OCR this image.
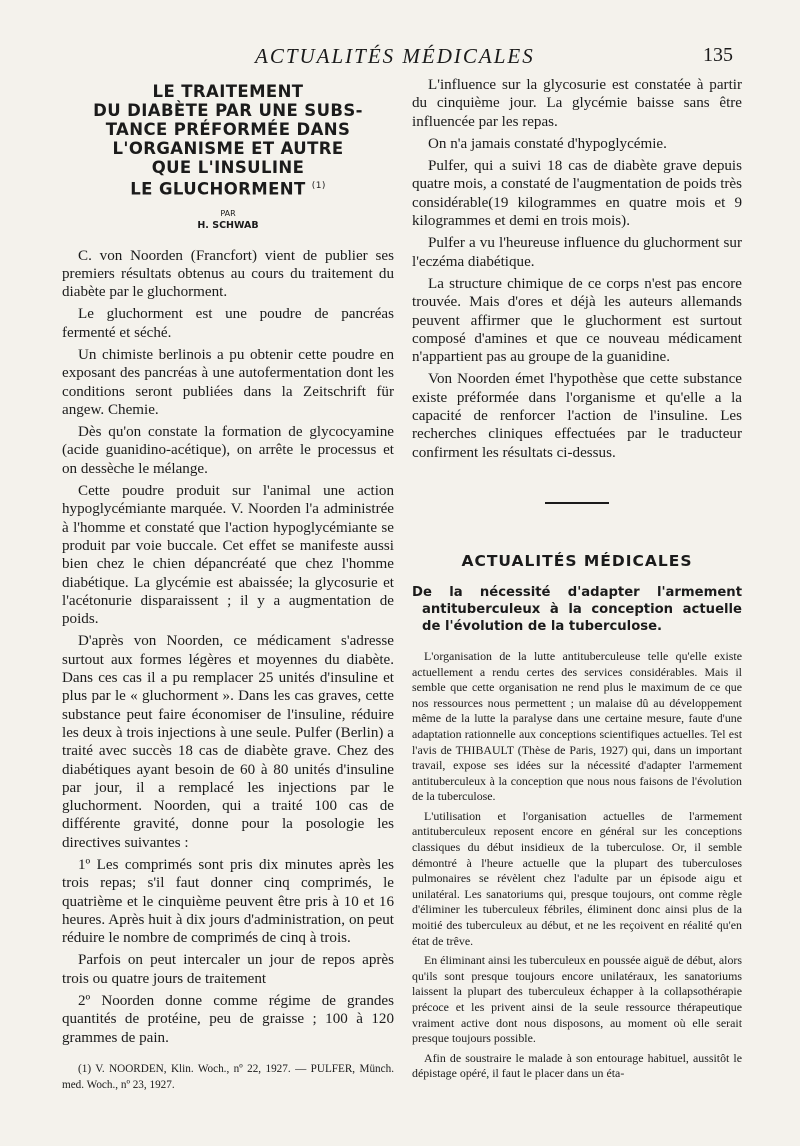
ACTUALITÉS MÉDICALES	135
LE TRAITEMENT
DU DIABÈTE PAR UNE SUBS-
TANCE PRÉFORMÉE DANS
L'ORGANISME ET AUTRE
QUE L'INSULINE
LE GLUCHORMENT $^{(1)}$
PAR
H. SCHWAB

C. von Noorden (Francfort) vient de publier ses premiers résultats obtenus au cours du traitement du diabète par le gluchorment.

Le gluchorment est une poudre de pancréas fermenté et séché.

Un chimiste berlinois a pu obtenir cette poudre en exposant des pancréas à une autofermentation dont les conditions seront publiées dans la Zeitschrift für angew. Chemie.

Dès qu'on constate la formation de glycocyamine (acide guanidino-acétique), on arrête le processus et on dessèche le mélange.

Cette poudre produit sur l'animal une action hypoglycémiante marquée. V. Noorden l'a administrée à l'homme et constaté que l'action hypoglycémiante se produit par voie buccale. Cet effet se manifeste aussi bien chez le chien dépancréaté que chez l'homme diabétique. La glycémie est abaissée; la glycosurie et l'acétonurie disparaissent ; il y a augmentation de poids.

D'après von Noorden, ce médicament s'adresse surtout aux formes légères et moyennes du diabète. Dans ces cas il a pu remplacer 25 unités d'insuline et plus par le « gluchorment ». Dans les cas graves, cette substance peut faire économiser de l'insuline, réduire les deux à trois injections à une seule. Pulfer (Berlin) a traité avec succès 18 cas de diabète grave. Chez des diabétiques ayant besoin de 60 à 80 unités d'insuline par jour, il a remplacé les injections par le gluchorment. Noorden, qui a traité 100 cas de différente gravité, donne pour la posologie les directives suivantes :

1º Les comprimés sont pris dix minutes après les trois repas; s'il faut donner cinq comprimés, le quatrième et le cinquième peuvent être pris à 10 et 16 heures. Après huit à dix jours d'administration, on peut réduire le nombre de comprimés de cinq à trois.

Parfois on peut intercaler un jour de repos après trois ou quatre jours de traitement

2º Noorden donne comme régime de grandes quantités de protéine, peu de graisse ; 100 à 120 grammes de pain.

(1) V. NOORDEN, Klin. Woch., nº 22, 1927. — PULFER, Münch. med. Woch., nº 23, 1927.

L'influence sur la glycosurie est constatée à partir du cinquième jour. La glycémie baisse sans être influencée par les repas.

On n'a jamais constaté d'hypoglycémie.

Pulfer, qui a suivi 18 cas de diabète grave depuis quatre mois, a constaté de l'augmentation de poids très considérable(19 kilogrammes en quatre mois et 9 kilogrammes et demi en trois mois).

Pulfer a vu l'heureuse influence du gluchorment sur l'eczéma diabétique.

La structure chimique de ce corps n'est pas encore trouvée. Mais d'ores et déjà les auteurs allemands peuvent affirmer que le gluchorment est surtout composé d'amines et que ce nouveau médicament n'appartient pas au groupe de la guanidine.

Von Noorden émet l'hypothèse que cette substance existe préformée dans l'organisme et qu'elle a la capacité de renforcer l'action de l'insuline. Les recherches cliniques effectuées par le traducteur confirment les résultats ci-dessus.

ACTUALITÉS MÉDICALES
De la nécessité d'adapter l'armement antituberculeux à la conception actuelle de l'évolution de la tuberculose.

L'organisation de la lutte antituberculeuse telle qu'elle existe actuellement a rendu certes des services considérables. Mais il semble que cette organisation ne rend plus le maximum de ce que nos ressources nous permettent ; un malaise dû au développement même de la lutte la paralyse dans une certaine mesure, faute d'une adaptation rationnelle aux conceptions scientifiques actuelles. Tel est l'avis de THIBAULT (Thèse de Paris, 1927) qui, dans un important travail, expose ses idées sur la nécessité d'adapter l'armement antituberculeux à la conception que nous nous faisons de l'évolution de la tuberculose.

L'utilisation et l'organisation actuelles de l'armement antituberculeux reposent encore en général sur les conceptions classiques du début insidieux de la tuberculose. Or, il semble démontré à l'heure actuelle que la plupart des tuberculoses pulmonaires se révèlent chez l'adulte par un épisode aigu et unilatéral. Les sanatoriums qui, presque toujours, ont comme règle d'éliminer les tuberculeux fébriles, éliminent donc ainsi plus de la moitié des tuberculeux au début, et ne les reçoivent en réalité qu'en état de trêve.

En éliminant ainsi les tuberculeux en poussée aiguë de début, alors qu'ils sont presque toujours encore unilatéraux, les sanatoriums laissent la plupart des tuberculeux échapper à la collapsothérapie précoce et les privent ainsi de la seule ressource thérapeutique vraiment active dont nous disposons, au moment où elle serait presque toujours possible.

Afin de soustraire le malade à son entourage habituel, aussitôt le dépistage opéré, il faut le placer dans un éta-
